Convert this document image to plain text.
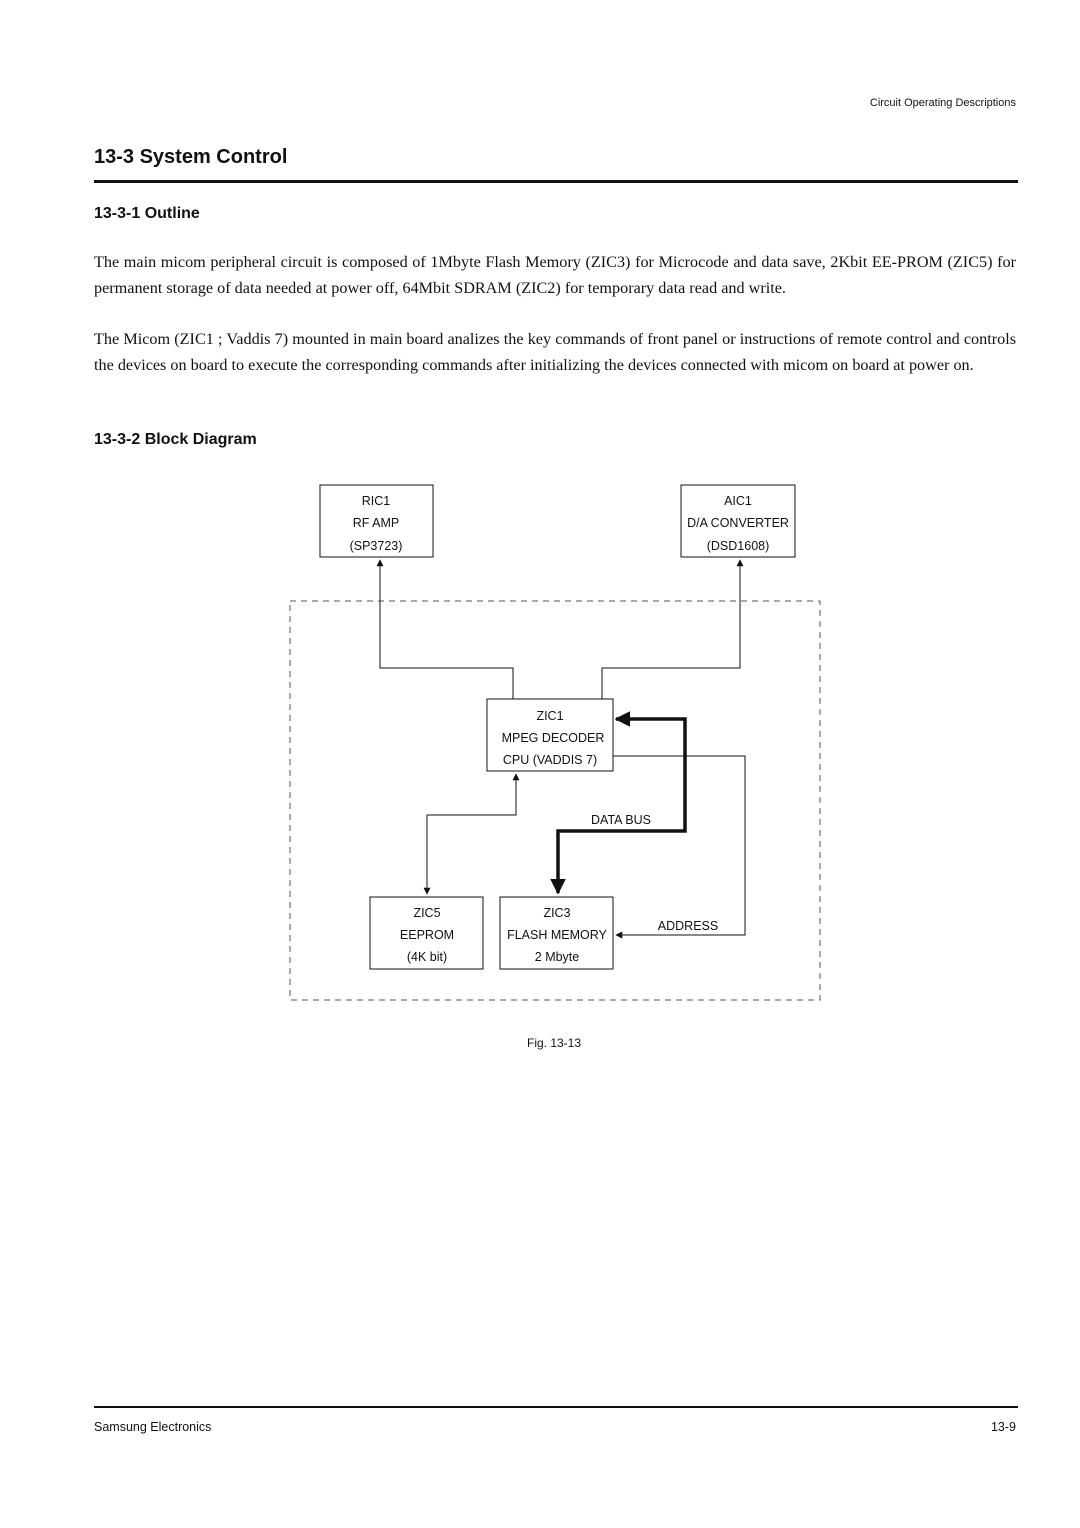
Circuit Operating Descriptions
13-3 System Control
13-3-1 Outline

The main micom peripheral circuit is composed of 1Mbyte Flash Memory (ZIC3) for Microcode and data save, 2Kbit EE-PROM (ZIC5) for permanent storage of data needed at power off, 64Mbit SDRAM (ZIC2) for temporary data read and write.

The Micom (ZIC1 ; Vaddis 7) mounted in main board analizes the key commands of front panel or instructions of remote control and controls the devices on board to execute the corresponding commands after initializing the devices connected with micom on board at power on.

13-3-2 Block Diagram
RIC1
RF AMP
(SP3723)
AIC1
D/A CONVERTER
(DSD1608)
ZIC1
MPEG DECODER
CPU (VADDIS 7)
ZIC5
EEPROM
(4K bit)
ZIC3
FLASH MEMORY
2 Mbyte
DATA BUS
ADDRESS
Fig. 13-13
Samsung Electronics	13-9
